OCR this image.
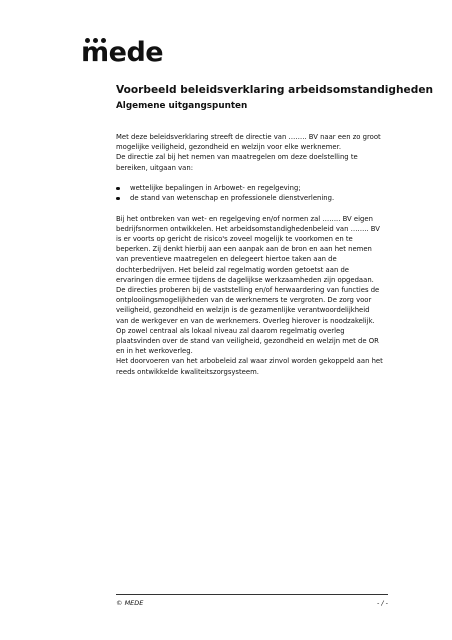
mede
Voorbeeld beleidsverklaring arbeidsomstandigheden
Algemene uitgangspunten

Met deze beleidsverklaring streeft de directie van …….. BV naar een zo groot

mogelijke veiligheid, gezondheid en welzijn voor elke werknemer.

De directie zal bij het nemen van maatregelen om deze doelstelling te

bereiken, uitgaan van:

wettelijke bepalingen in Arbowet- en regelgeving;
de stand van wetenschap en professionele dienstverlening.

Bij het ontbreken van wet- en regelgeving en/of normen zal …….. BV eigen

bedrijfsnormen ontwikkelen. Het arbeidsomstandighedenbeleid van …….. BV

is er voorts op gericht de risico's zoveel mogelijk te voorkomen en te

beperken. Zij denkt hierbij aan een aanpak aan de bron en aan het nemen

van preventieve maatregelen en delegeert hiertoe taken aan de

dochterbedrijven. Het beleid zal regelmatig worden getoetst aan de

ervaringen die ermee tijdens de dagelijkse werkzaamheden zijn opgedaan.

De directies proberen bij de vaststelling en/of herwaardering van functies de

ontplooiingsmogelijkheden van de werknemers te vergroten. De zorg voor

veiligheid, gezondheid en welzijn is de gezamenlijke verantwoordelijkheid

van de werkgever en van de werknemers. Overleg hierover is noodzakelijk.

Op zowel centraal als lokaal niveau zal daarom regelmatig overleg

plaatsvinden over de stand van veiligheid, gezondheid en welzijn met de OR

en in het werkoverleg.

Het doorvoeren van het arbobeleid zal waar zinvol worden gekoppeld aan het

reeds ontwikkelde kwaliteitszorgsysteem.

© MEDE	- / -
